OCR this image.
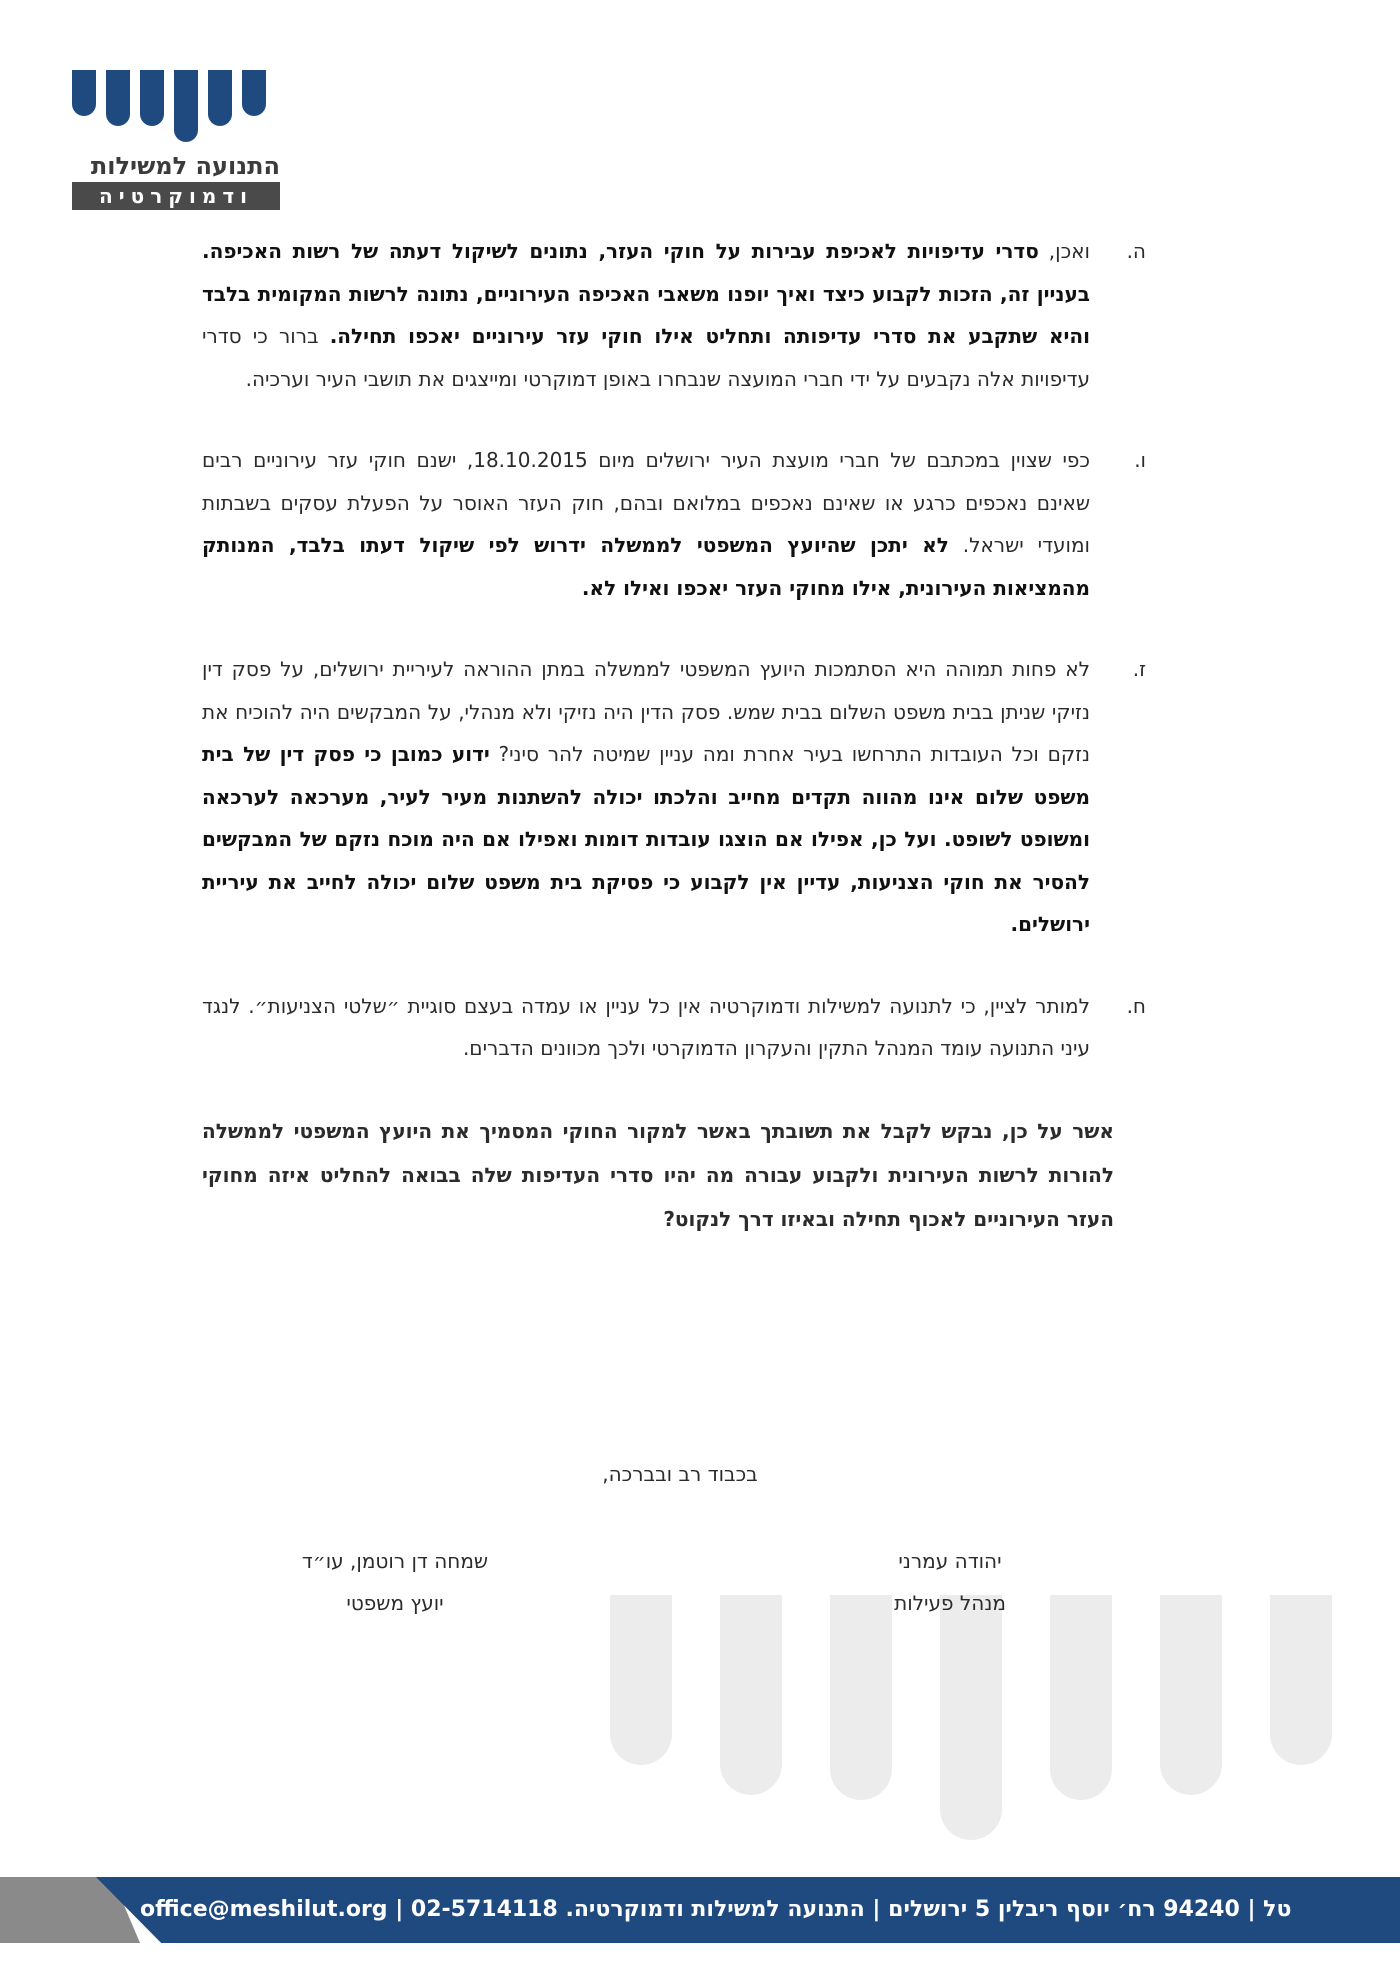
התנועה למשילות
ודמוקרטיה
ה.
ואכן, סדרי עדיפויות לאכיפת עבירות על חוקי העזר, נתונים לשיקול דעתה של רשות האכיפה. בעניין זה, הזכות לקבוע כיצד ואיך יופנו משאבי האכיפה העירוניים, נתונה לרשות המקומית בלבד והיא שתקבע את סדרי עדיפותה ותחליט אילו חוקי עזר עירוניים יאכפו תחילה. ברור כי סדרי עדיפויות אלה נקבעים על ידי חברי המועצה שנבחרו באופן דמוקרטי ומייצגים את תושבי העיר וערכיה.
ו.
כפי שצוין במכתבם של חברי מועצת העיר ירושלים מיום 18.10.2015, ישנם חוקי עזר עירוניים רבים שאינם נאכפים כרגע או שאינם נאכפים במלואם ובהם, חוק העזר האוסר על הפעלת עסקים בשבתות ומועדי ישראל. לא יתכן שהיועץ המשפטי לממשלה ידרוש לפי שיקול דעתו בלבד, המנותק מהמציאות העירונית, אילו מחוקי העזר יאכפו ואילו לא.
ז.
לא פחות תמוהה היא הסתמכות היועץ המשפטי לממשלה במתן ההוראה לעיריית ירושלים, על פסק דין נזיקי שניתן בבית משפט השלום בבית שמש. פסק הדין היה נזיקי ולא מנהלי, על המבקשים היה להוכיח את נזקם וכל העובדות התרחשו בעיר אחרת ומה עניין שמיטה להר סיני? ידוע כמובן כי פסק דין של בית משפט שלום אינו מהווה תקדים מחייב והלכתו יכולה להשתנות מעיר לעיר, מערכאה לערכאה ומשופט לשופט. ועל כן, אפילו אם הוצגו עובדות דומות ואפילו אם היה מוכח נזקם של המבקשים להסיר את חוקי הצניעות, עדיין אין לקבוע כי פסיקת בית משפט שלום יכולה לחייב את עיריית ירושלים.
ח.
למותר לציין, כי לתנועה למשילות ודמוקרטיה אין כל עניין או עמדה בעצם סוגיית ״שלטי הצניעות״. לנגד עיני התנועה עומד המנהל התקין והעקרון הדמוקרטי ולכך מכוונים הדברים.
אשר על כן, נבקש לקבל את תשובתך באשר למקור החוקי המסמיך את היועץ המשפטי לממשלה להורות לרשות העירונית ולקבוע עבורה מה יהיו סדרי העדיפות שלה בבואה להחליט איזה מחוקי העזר העירוניים לאכוף תחילה ובאיזו דרך לנקוט?
בכבוד רב ובברכה,
יהודה עמרני
מנהל פעילות
שמחה דן רוטמן, עו״ד
יועץ משפטי
office@meshilut.org | 02-5714118 .טל | 94240 רח׳ יוסף ריבלין 5 ירושלים | התנועה למשילות ודמוקרטיה
